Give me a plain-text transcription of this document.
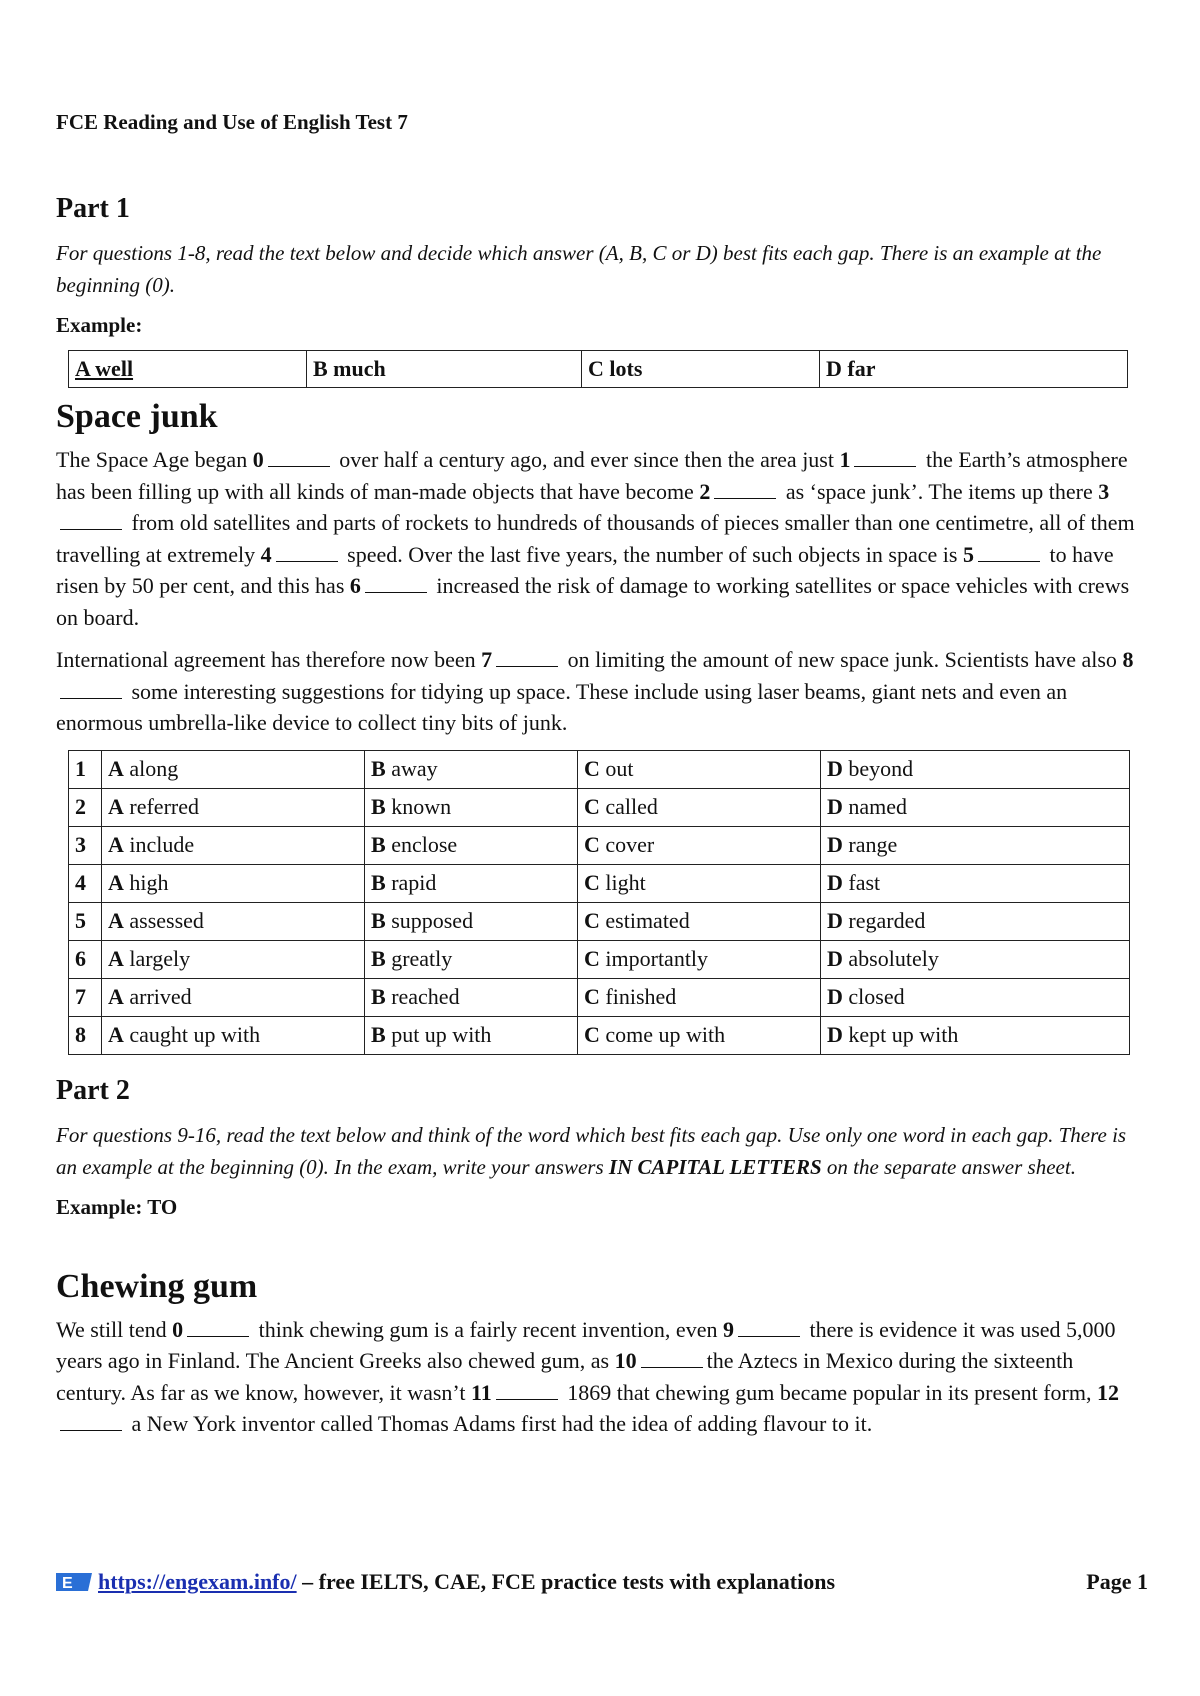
FCE Reading and Use of English Test 7
Part 1

For questions 1-8, read the text below and decide which answer (A, B, C or D) best fits each gap. There is an example at the beginning (0).

Example:

A well	B much	C lots	D far
Space junk

The Space Age began 0	over half a century ago, and ever since then the area just 1	the Earth’s atmosphere has been filling up with all kinds of man-made objects that have become 2	as ‘space junk’. The items up there 3 from old satellites and parts of rockets to hundreds of thousands of pieces smaller than one centimetre, all of them travelling at extremely 4	speed. Over the last five years, the number of such objects in space is 5	to have risen by 50 per cent, and this has 6	increased the risk of damage to working satellites or space vehicles with crews on board.

International agreement has therefore now been 7	on limiting the amount of new space junk. Scientists have also 8 some interesting suggestions for tidying up space. These include using laser beams, giant nets and even an enormous umbrella-like device to collect tiny bits of junk.

1	A along	B away	C out	D beyond
2	A referred	B known	C called	D named
3	A include	B enclose	C cover	D range
4	A high	B rapid	C light	D fast
5	A assessed	B supposed	C estimated	D regarded
6	A largely	B greatly	C importantly	D absolutely
7	A arrived	B reached	C finished	D closed
8	A caught up with	B put up with	C come up with	D kept up with
Part 2

For questions 9-16, read the text below and think of the word which best fits each gap. Use only one word in each gap. There is an example at the beginning (0). In the exam, write your answers IN CAPITAL LETTERS on the separate answer sheet.

Example: TO

Chewing gum

We still tend 0	think chewing gum is a fairly recent invention, even 9	there is evidence it was used 5,000 years ago in Finland. The Ancient Greeks also chewed gum, as 10	the Aztecs in Mexico during the sixteenth century. As far as we know, however, it wasn’t 11	1869 that chewing gum became popular in its present form, 12 a New York inventor called Thomas Adams first had the idea of adding flavour to it.

E https://engexam.info/ – free IELTS, CAE, FCE practice tests with explanations	Page 1
